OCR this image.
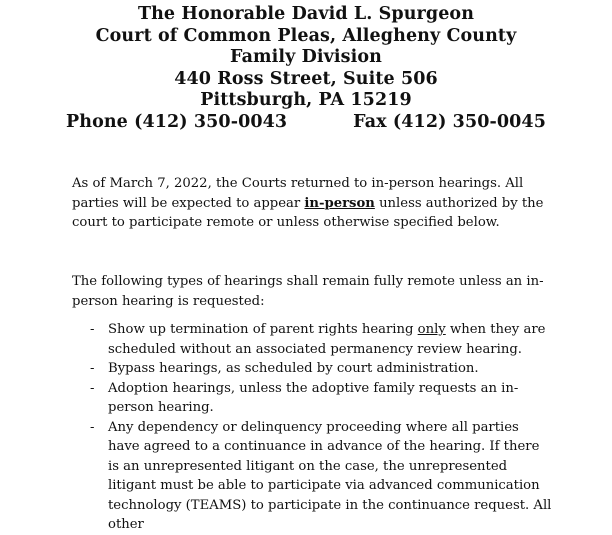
The Honorable David L. Spurgeon
Court of Common Pleas, Allegheny County
Family Division
440 Ross Street, Suite 506
Pittsburgh, PA 15219
Phone (412) 350-0043	Fax (412) 350-0045
As of March 7, 2022, the Courts returned to in-person hearings. All parties will be expected to appear in-person unless authorized by the court to participate remote or unless otherwise specified below.
The following types of hearings shall remain fully remote unless an in-person hearing is requested:
- Show up termination of parent rights hearing only when they are scheduled without an associated permanency review hearing.
- Bypass hearings, as scheduled by court administration.
- Adoption hearings, unless the adoptive family requests an in-person hearing.
- Any dependency or delinquency proceeding where all parties have agreed to a continuance in advance of the hearing. If there is an unrepresented litigant on the case, the unrepresented litigant must be able to participate via advanced communication technology (TEAMS) to participate in the continuance request. All other
